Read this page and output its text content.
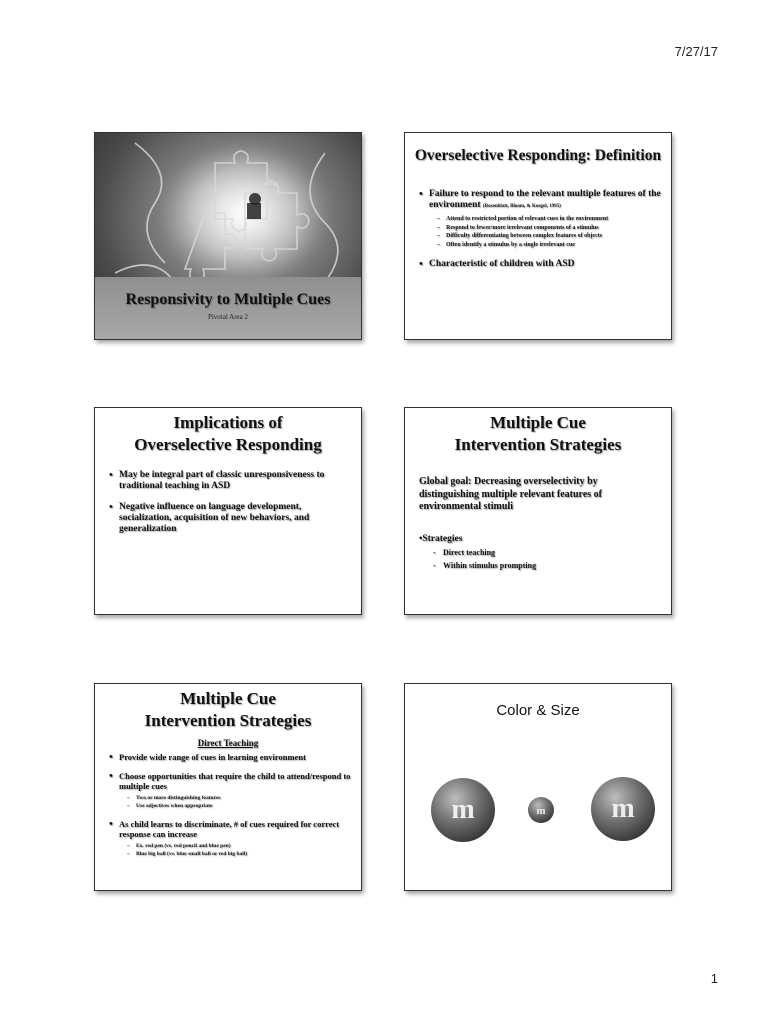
7/27/17
Responsivity to Multiple Cues
Pivotal Area 2
Overselective Responding: Definition
• Failure to respond to the relevant multiple features of the environment (Rosenblatt, Bloom, & Koegel, 1995)
– Attend to restricted portion of relevant cues in the environment
– Respond to fewer/more irrelevant components of a stimulus
– Difficulty differentiating between complex features of objects
– Often identify a stimulus by a single irrelevant cue
• Characteristic of children with ASD
Implications of
Overselective Responding
• May be integral part of classic unresponsiveness to traditional teaching in ASD
• Negative influence on language development, socialization, acquisition of new behaviors, and generalization
Multiple Cue
Intervention Strategies
Global goal: Decreasing overselectivity by distinguishing multiple relevant features of environmental stimuli
•Strategies
- Direct teaching
- Within stimulus prompting
Multiple Cue
Intervention Strategies
Direct Teaching
• Provide wide range of cues in learning environment
• Choose opportunities that require the child to attend/respond to multiple cues
– Two or more distinguishing features
– Use adjectives when appropriate
• As child learns to discriminate, # of cues required for correct response can increase
– Ex. red pen (vs. red pencil and blue pen)
– Blue big ball (vs. blue small ball or red big ball)
Color & Size
m	m m
1
